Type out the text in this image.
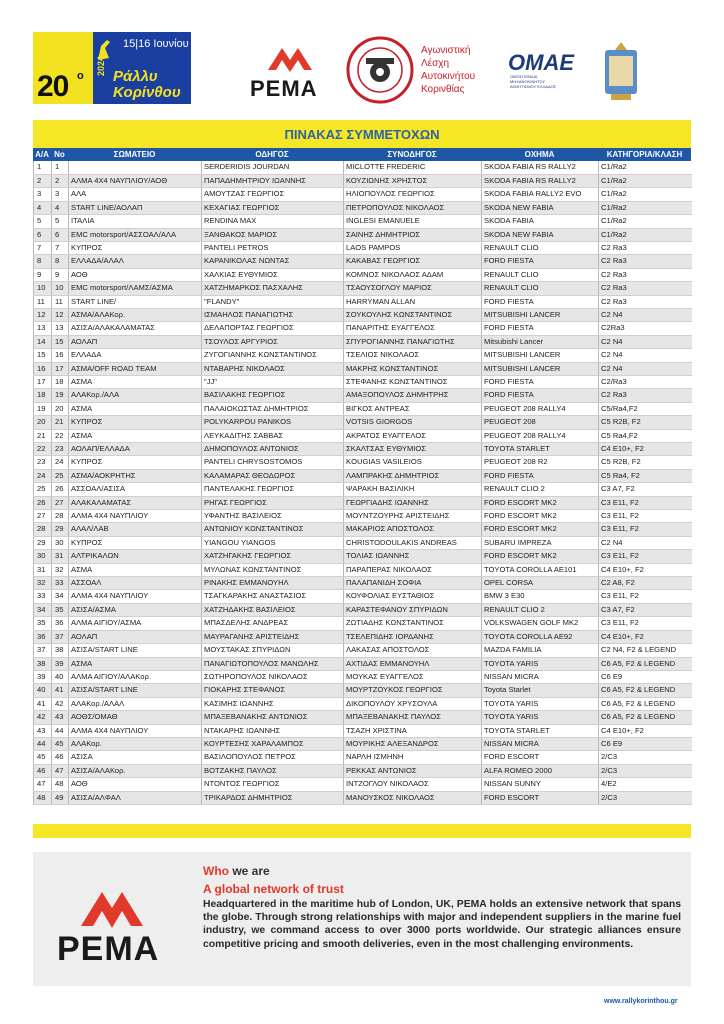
20 ο 2024
15|16 Ιουνίου
Ράλλυ
Κορίνθου	PEMA
Αγωνιστική
Λέσχη
Αυτοκινήτου
Κορινθίας
OMAE
ΟΜΟΣΠΟΝΔΙΑ ΜΗΧΑΝΟΚΙΝΗΤΟΥ ΑΘΛΗΤΙΣΜΟΥ ΕΛΛΑΔΟΣ
ΠΙΝΑΚΑΣ ΣΥΜΜΕΤΟΧΩΝ
Α/Α Νο	ΣΩΜΑΤΕΙΟ	ΟΔΗΓΟΣ	ΣΥΝΟΔΗΓΟΣ	ΟΧΗΜΑ	ΚΑΤΗΓΟΡΙΑ/ΚΛΑΣΗ
1	1		SERDERIDIS JOURDAN	MICLOTTE FREDERIC	SKODA FABIA RS RALLY2	C1/Ra2
2	2	ΑΛΜΑ 4Χ4 ΝΑΥΠΛΙΟΥ/ΑΟΘ	ΠΑΠΑΔΗΜΗΤΡΙΟΥ ΙΩΑΝΝΗΣ	ΚΟΥΖΙΩΝΗΣ ΧΡΗΣΤΟΣ	SKODA FABIA RS RALLY2	C1/Ra2
3	3	ΑΛΑ	ΑΜΟΥΤΖΑΣ ΓΕΩΡΓΙΟΣ	ΗΛΙΟΠΟΥΛΟΣ ΓΕΩΡΓΙΟΣ	SKODA FABIA RALLY2 EVO	C1/Ra2
4	4	START LINE/ΑΟΛΑΠ	ΚΕΧΑΓΙΑΣ ΓΕΩΡΓΙΟΣ	ΠΕΤΡΟΠΟΥΛΟΣ ΝΙΚΟΛΑΟΣ	SKODA NEW FABIA	C1/Ra2
5	5	ΙΤΑΛΙΑ	RENDINA MAX	INGLESI EMANUELE	SKODA FABIA	C1/Ra2
6	6	EMC motorsport/ΑΣΣΟΑΛ/ΑΛΑ	ΞΑΝΘΑΚΟΣ ΜΑΡΙΟΣ	ΣΑΙΝΗΣ ΔΗΜΗΤΡΙΟΣ	SKODA NEW FABIA	C1/Ra2
7	7	ΚΥΠΡΟΣ	PANTELI PETROS	LAOS PAMPOS	RENAULT CLIO	C2 Ra3
8	8	ΕΛΛΑΔΑ/ΑΛΑΛ	ΚΑΡΑΝΙΚΟΛΑΣ ΝΩΝΤΑΣ	ΚΑΚΑΒΑΣ ΓΕΩΡΓΙΟΣ	FORD FIESTA	C2 Ra3
9	9	ΑΟΘ	ΧΑΛΚΙΑΣ ΕΥΘΥΜΙΟΣ	ΚΟΜΝΟΣ ΝΙΚΟΛΑΟΣ ΑΔΑΜ	RENAULT CLIO	C2 Ra3
10	10	EMC motorsport/ΛΑΜΣ/ΑΣΜΑ	ΧΑΤΖΗΜΑΡΚΟΣ ΠΑΣΧΑΛΗΣ	ΤΣΑΟΥΣΟΓΛΟΥ ΜΑΡΙΟΣ	RENAULT CLIO	C2 Ra3
11	11	START LINE/	"FLANDY"	HARRYMAN ALLAN	FORD FIESTA	C2 Ra3
12	12	ΑΣΜΑ/ΑΛΑΚορ.	ΙΣΜΑΗΛΟΣ ΠΑΝΑΓΙΩΤΗΣ	ΣΟΥΚΟΥΛΗΣ ΚΩΝΣΤΑΝΤΙΝΟΣ	MITSUBISHI LANCER	C2 N4
13	13	ΑΣΙΣΑ/ΑΛΑΚΑΛΑΜΑΤΑΣ	ΔΕΛΑΠΟΡΤΑΣ ΓΕΩΡΓΙΟΣ	ΠΑΝΑΡΙΤΗΣ ΕΥΑΓΓΕΛΟΣ	FORD FIESTA	C2Ra3
14	15	ΑΟΛΑΠ	ΤΣΟΥΛΟΣ ΑΡΓΥΡΙΟΣ	ΣΠΥΡΟΓΙΑΝΝΗΣ ΠΑΝΑΓΙΩΤΗΣ	Mitsubishi Lancer	C2 N4
15	16	ΕΛΛΑΔΑ	ΖΥΓΟΓΙΑΝΝΗΣ ΚΩΝΣΤΑΝΤΙΝΟΣ	ΤΣΕΛΙΟΣ ΝΙΚΟΛΑΟΣ	MITSUBISHI LANCER	C2 N4
16	17	ΑΣΜΑ/OFF ROAD TEAM	ΝΤΑΒΑΡΗΣ ΝΙΚΟΛΑΟΣ	ΜΑΚΡΗΣ ΚΩΝΣΤΑΝΤΙΝΟΣ	MITSUBISHI LANCER	C2 N4
17	18	ΑΣΜΑ	"JJ"	ΣΤΕΦΑΝΗΣ ΚΩΝΣΤΑΝΤΙΝΟΣ	FORD FIESTA	C2/Ra3
18	19	ΑΛΑΚορ./ΑΛΑ	ΒΑΣΙΛΑΚΗΣ ΓΕΩΡΓΙΟΣ	ΑΜΑΞΟΠΟΥΛΟΣ ΔΗΜΗΤΡΗΣ	FORD FIESTA	C2 Ra3
19	20	ΑΣΜΑ	ΠΑΛΑΙΟΚΩΣΤΑΣ ΔΗΜΗΤΡΙΟΣ	ΒΙΓΚΟΣ ΑΝΤΡΕΑΣ	PEUGEOT 208 RALLY4	C5/Ra4,F2
20	21	ΚΥΠΡΟΣ	POLYKARPOU PANIKOS	VOTSIS GIORGOS	PEUGEOT 208	C5 R2B, F2
21	22	ΑΣΜΑ	ΛΕΥΚΑΔΙΤΗΣ ΣΑΒΒΑΣ	ΑΚΡΑΤΟΣ ΕΥΑΓΓΕΛΟΣ	PEUGEOT 208 RALLY4	C5 Ra4,F2
22	23	ΑΟΛΑΠ/ΕΛΛΑΔΑ	ΔΗΜΟΠΟΥΛΟΣ ΑΝΤΩΝΙΟΣ	ΣΚΑΛΤΣΑΣ ΕΥΘΥΜΙΟΣ	TOYOTA STARLET	C4 E10+, F2
23	24	ΚΥΠΡΟΣ	PANTELI CHRYSOSTOMOS	KOUGIAS VASILEIOS	PEUGEOT 208 R2	C5 R2B, F2
24	25	ΑΣΜΑ/ΑΟΚΡΗΤΗΣ	ΚΑΛΑΜΑΡΑΣ ΘΕΟΔΩΡΟΣ	ΛΑΜΠΡΑΚΗΣ ΔΗΜΗΤΡΙΟΣ	FORD FIESTA	C5 Ra4, F2
25	26	ΑΣΣΟΑΛ/ΑΣΙΣΑ	ΠΑΝΤΕΛΑΚΗΣ ΓΕΩΡΓΙΟΣ	ΨΑΡΑΚΗ ΒΑΣΙΛΙΚΗ	RENAULT CLIO 2	C3 A7, F2
26	27	ΑΛΑΚΑΛΑΜΑΤΑΣ	ΡΗΓΑΣ ΓΕΩΡΓΙΟΣ	ΓΕΩΡΓΙΑΔΗΣ ΙΩΑΝΝΗΣ	FORD ESCORT MK2	C3 E11, F2
27	28	ΑΛΜΑ 4Χ4 ΝΑΥΠΛΙΟΥ	ΥΦΑΝΤΗΣ ΒΑΣΙΛΕΙΟΣ	ΜΟΥΝΤΖΟΥΡΗΣ ΑΡΙΣΤΕΙΔΗΣ	FORD ESCORT MK2	C3 E11, F2
28	29	ΑΛΑΛ/ΛΑΒ	ΑΝΤΩΝΙΟΥ ΚΩΝΣΤΑΝΤΙΝΟΣ	ΜΑΚΑΡΙΟΣ ΑΠΟΣΤΟΛΟΣ	FORD ESCORT MK2	C3 E11, F2
29	30	ΚΥΠΡΟΣ	YIANGOU YIANGOS	CHRISTODOULAKIS ANDREAS	SUBARU IMPREZA	C2 N4
30	31	ΑΛΤΡΙΚΑΛΩΝ	ΧΑΤΖΗΓΑΚΗΣ ΓΕΩΡΓΙΟΣ	ΤΟΛΙΑΣ ΙΩΑΝΝΗΣ	FORD ESCORT MK2	C3 E11, F2
31	32	ΑΣΜΑ	ΜΥΛΩΝΑΣ ΚΩΝΣΤΑΝΤΙΝΟΣ	ΠΑΡΑΠΕΡΑΣ ΝΙΚΟΛΑΟΣ	TOYOTA COROLLA AE101	C4 E10+, F2
32	33	ΑΣΣΟΑΛ	ΡΙΝΑΚΗΣ ΕΜΜΑΝΟΥΗΛ	ΠΑΛΑΠΑΝΙΔΗ ΣΟΦΙΑ	OPEL CORSA	C2 A8, F2
33	34	ΑΛΜΑ 4Χ4 ΝΑΥΠΛΙΟΥ	ΤΣΑΓΚΑΡΑΚΗΣ ΑΝΑΣΤΑΣΙΟΣ	ΚΟΥΦΟΛΙΑΣ ΕΥΣΤΑΘΙΟΣ	BMW 3 E30	C3 E11, F2
34	35	ΑΣΙΣΑ/ΑΣΜΑ	ΧΑΤΖΗΔΑΚΗΣ ΒΑΣΙΛΕΙΟΣ	ΚΑΡΑΣΤΕΦΑΝΟΥ ΣΠΥΡΙΔΩΝ	RENAULT CLIO 2	C3 A7, F2
35	36	ΑΛΜΑ ΑΙΓΙΟΥ/ΑΣΜΑ	ΜΠΑΣΔΕΛΗΣ ΑΝΔΡΕΑΣ	ΖΩΤΙΑΔΗΣ ΚΩΝΣΤΑΝΤΙΝΟΣ	VOLKSWAGEN GOLF MK2	C3 E11, F2
36	37	ΑΟΛΑΠ	ΜΑΥΡΑΓΑΝΗΣ ΑΡΙΣΤΕΙΔΗΣ	ΤΣΕΛΕΠΙΔΗΣ ΙΟΡΔΑΝΗΣ	TOYOTA COROLLA AE92	C4 E10+, F2
37	38	ΑΣΙΣΑ/START LINE	ΜΟΥΣΤΑΚΑΣ ΣΠΥΡΙΔΩΝ	ΛΑΚΑΣΑΣ ΑΠΟΣΤΟΛΟΣ	MAZDA FAMILIA	C2 N4, F2 & LEGEND
38	39	ΑΣΜΑ	ΠΑΝΑΓΙΩΤΟΠΟΥΛΟΣ ΜΑΝΩΛΗΣ	ΑΧΤΙΔΑΣ ΕΜΜΑΝΟΥΗΛ	TOYOTA YARIS	C6 A5, F2 & LEGEND
39	40	ΑΛΜΑ ΑΙΓΙΟΥ/ΑΛΑΚορ.	ΣΩΤΗΡΟΠΟΥΛΟΣ ΝΙΚΟΛΑΟΣ	ΜΟΥΚΑΣ ΕΥΑΓΓΕΛΟΣ	NISSAN MICRA	C6 E9
40	41	ΑΣΙΣΑ/START LINE	ΓΙΟΚΑΡΗΣ ΣΤΕΦΑΝΟΣ	ΜΟΥΡΤΖΟΥΚΟΣ ΓΕΩΡΓΙΟΣ	Toyota Starlet	C6 A5, F2 & LEGEND
41	42	ΑΛΑΚορ./ΑΛΑΛ	ΚΑΣΙΜΗΣ ΙΩΑΝΝΗΣ	ΔΙΚΟΠΟΥΛΟΥ ΧΡΥΣΟΥΛΑ	TOYOTA YARIS	C6 A5, F2 & LEGEND
42	43	ΑΟΘΣ/ΟΜΑΘ	ΜΠΑΞΕΒΑΝΑΚΗΣ ΑΝΤΩΝΙΟΣ	ΜΠΑΞΕΒΑΝΑΚΗΣ ΠΑΥΛΟΣ	TOYOTA YARIS	C6 A5, F2 & LEGEND
43	44	ΑΛΜΑ 4Χ4 ΝΑΥΠΛΙΟΥ	ΝΤΑΚΑΡΗΣ ΙΩΑΝΝΗΣ	ΤΣΑΖΗ ΧΡΙΣΤΙΝΑ	TOYOTA STARLET	C4 E10+, F2
44	45	ΑΛΑΚορ.	ΚΟΥΡΤΕΣΗΣ ΧΑΡΑΛΑΜΠΟΣ	ΜΟΥΡΙΚΗΣ ΑΛΕΞΑΝΔΡΟΣ	NISSAN MICRA	C6 E9
45	46	ΑΣΙΣΑ	ΒΑΣΙΛΟΠΟΥΛΟΣ ΠΕΤΡΟΣ	ΝΑΡΛΗ ΙΣΜΗΝΗ	FORD ESCORT	2/C3
46	47	ΑΣΙΣΑ/ΑΛΑΚορ.	ΒΟΤΖΑΚΗΣ ΠΑΥΛΟΣ	ΡΕΚΚΑΣ ΑΝΤΩΝΙΟΣ	ALFA ROMEO 2000	2/C3
47	48	ΑΟΘ	ΝΤΟΝΤΟΣ ΓΕΩΡΓΙΟΣ	ΙΝΤΖΟΓΛΟΥ ΝΙΚΟΛΑΟΣ	NISSAN SUNNY	4/E2
48	49	ΑΣΙΣΑ/ΑΛΦΑΛ	ΤΡΙΚΑΡΔΟΣ ΔΗΜΗΤΡΙΟΣ	ΜΑΝΟΥΣΚΟΣ ΝΙΚΟΛΑΟΣ	FORD ESCORT	2/C3
PEMA
Who we are
A global network of trust
Headquartered in the maritime hub of London, UK, PEMA holds an extensive network that spans the globe. Through strong relationships with major and independent suppliers in the marine fuel industry, we command access to over 3000 ports worldwide. Our strategic alliances ensure competitive pricing and smooth deliveries, even in the most challenging environments.
www.rallykorinthou.gr
